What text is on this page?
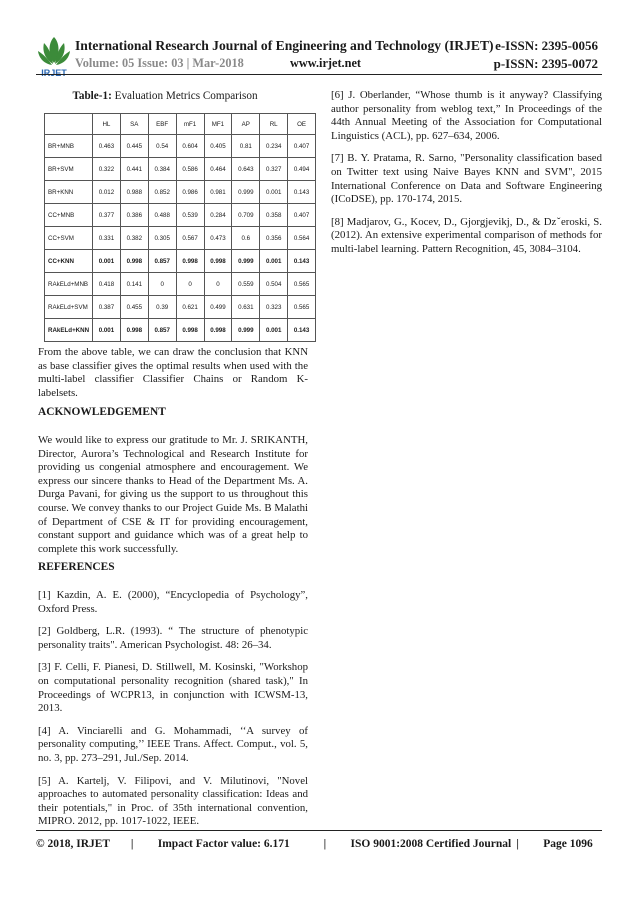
IRJET
International Research Journal of Engineering and Technology (IRJET) e-ISSN: 2395-0056
Volume: 05 Issue: 03 | Mar-2018	www.irjet.net	p-ISSN: 2395-0072
Table-1: Evaluation Metrics Comparison
	HL	SA	EBF	mF1	MF1	AP	RL	OE
BR+MNB	0.463	0.445	0.54	0.604	0.405	0.81	0.234	0.407
BR+SVM	0.322	0.441	0.384	0.586	0.464	0.643	0.327	0.494
BR+KNN	0.012	0.988	0.852	0.986	0.981	0.999	0.001	0.143
CC+MNB	0.377	0.386	0.488	0.539	0.284	0.709	0.358	0.407
CC+SVM	0.331	0.382	0.305	0.567	0.473	0.6	0.356	0.564
CC+KNN	0.001	0.998	0.857	0.998	0.998	0.999	0.001	0.143
RAkELd+MNB	0.418	0.141	0	0	0	0.559	0.504	0.565
RAkELd+SVM	0.387	0.455	0.39	0.621	0.499	0.631	0.323	0.565
RAkELd+KNN	0.001	0.998	0.857	0.998	0.998	0.999	0.001	0.143

From the above table, we can draw the conclusion that KNN as base classifier gives the optimal results when used with the multi-label classifier Classifier Chains or Random K-labelsets.

ACKNOWLEDGEMENT

We would like to express our gratitude to Mr. J. SRIKANTH, Director, Aurora’s Technological and Research Institute for providing us congenial atmosphere and encouragement. We express our sincere thanks to Head of the Department Ms. A. Durga Pavani, for giving us the support to us throughout this course. We convey thanks to our Project Guide Ms. B Malathi of Department of CSE & IT for providing encouragement, constant support and guidance which was of a great help to complete this work successfully.

REFERENCES

[1] Kazdin, A. E. (2000), “Encyclopedia of Psychology”, Oxford Press.

[2] Goldberg, L.R. (1993). “ The structure of phenotypic personality traits". American Psychologist. 48: 26–34.

[3] F. Celli, F. Pianesi, D. Stillwell, M. Kosinski, "Workshop on computational personality recognition (shared task)," In Proceedings of WCPR13, in conjunction with ICWSM-13, 2013.

[4] A. Vinciarelli and G. Mohammadi, ‘‘A survey of personality computing,’’ IEEE Trans. Affect. Comput., vol. 5, no. 3, pp. 273–291, Jul./Sep. 2014.

[5] A. Kartelj, V. Filipovi, and V. Milutinovi, "Novel approaches to automated personality classification: Ideas and their potentials," in Proc. of 35th international convention, MIPRO. 2012, pp. 1017-1022, IEEE.

[6] J. Oberlander, “Whose thumb is it anyway? Classifying author personality from weblog text,” In Proceedings of the 44th Annual Meeting of the Association for Computational Linguistics (ACL), pp. 627–634, 2006.

[7] B. Y. Pratama, R. Sarno, "Personality classification based on Twitter text using Naive Bayes KNN and SVM", 2015 International Conference on Data and Software Engineering (ICoDSE), pp. 170-174, 2015.

[8] Madjarov, G., Kocev, D., Gjorgjevikj, D., & Dzˇeroski, S. (2012). An extensive experimental comparison of methods for multi-label learning. Pattern Recognition, 45, 3084–3104.

© 2018, IRJET | Impact Factor value: 6.171	| ISO 9001:2008 Certified Journal | Page 1096
